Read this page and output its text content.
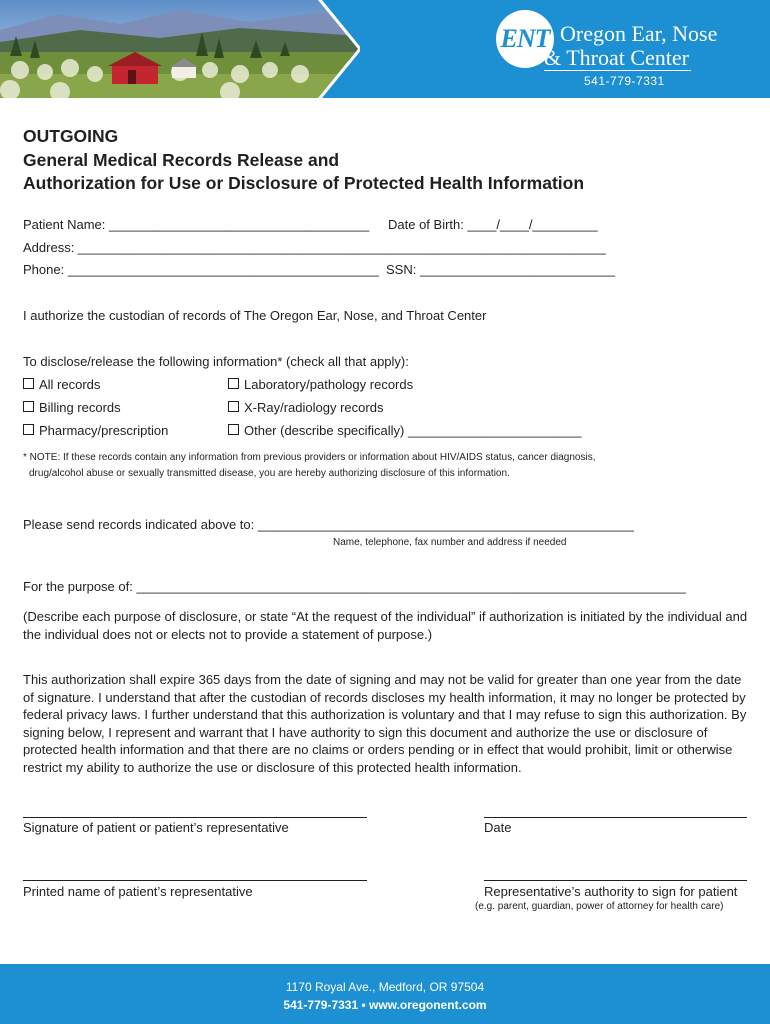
ENT Oregon Ear, Nose
& Throat Center
541-779-7331
OUTGOING
General Medical Records Release and
Authorization for Use or Disclosure of Protected Health Information
Patient Name: ____________________________________ Date of Birth: ____/____/_________
Address: _________________________________________________________________________
Phone: ___________________________________________ SSN: ___________________________
I authorize the custodian of records of The Oregon Ear, Nose, and Throat Center
To disclose/release the following information* (check all that apply):
All records	Laboratory/pathology records
Billing records	X-Ray/radiology records
Pharmacy/prescription	Other (describe specifically) ________________________
* NOTE: If these records contain any information from previous providers or information about HIV/AIDS status, cancer diagnosis,
drug/alcohol abuse or sexually transmitted disease, you are hereby authorizing disclosure of this information.
Please send records indicated above to: ____________________________________________________
Name, telephone, fax number and address if needed
For the purpose of: ____________________________________________________________________________
(Describe each purpose of disclosure, or state “At the request of the individual” if authorization is initiated by the individual and the individual does not or elects not to provide a statement of purpose.)
This authorization shall expire 365 days from the date of signing and may not be valid for greater than one year from the date of signature. I understand that after the custodian of records discloses my health information, it may no longer be protected by federal privacy laws. I further understand that this authorization is voluntary and that I may refuse to sign this authorization. By signing below, I represent and warrant that I have authority to sign this document and authorize the use or disclosure of protected health information and that there are no claims or orders pending or in effect that would prohibit, limit or otherwise restrict my ability to authorize the use or disclosure of this protected health information.
Signature of patient or patient’s representative	Date
Printed name of patient’s representative	Representative’s authority to sign for patient
(e.g. parent, guardian, power of attorney for health care)
1170 Royal Ave., Medford, OR 97504
541-779-7331 • www.oregonent.com
